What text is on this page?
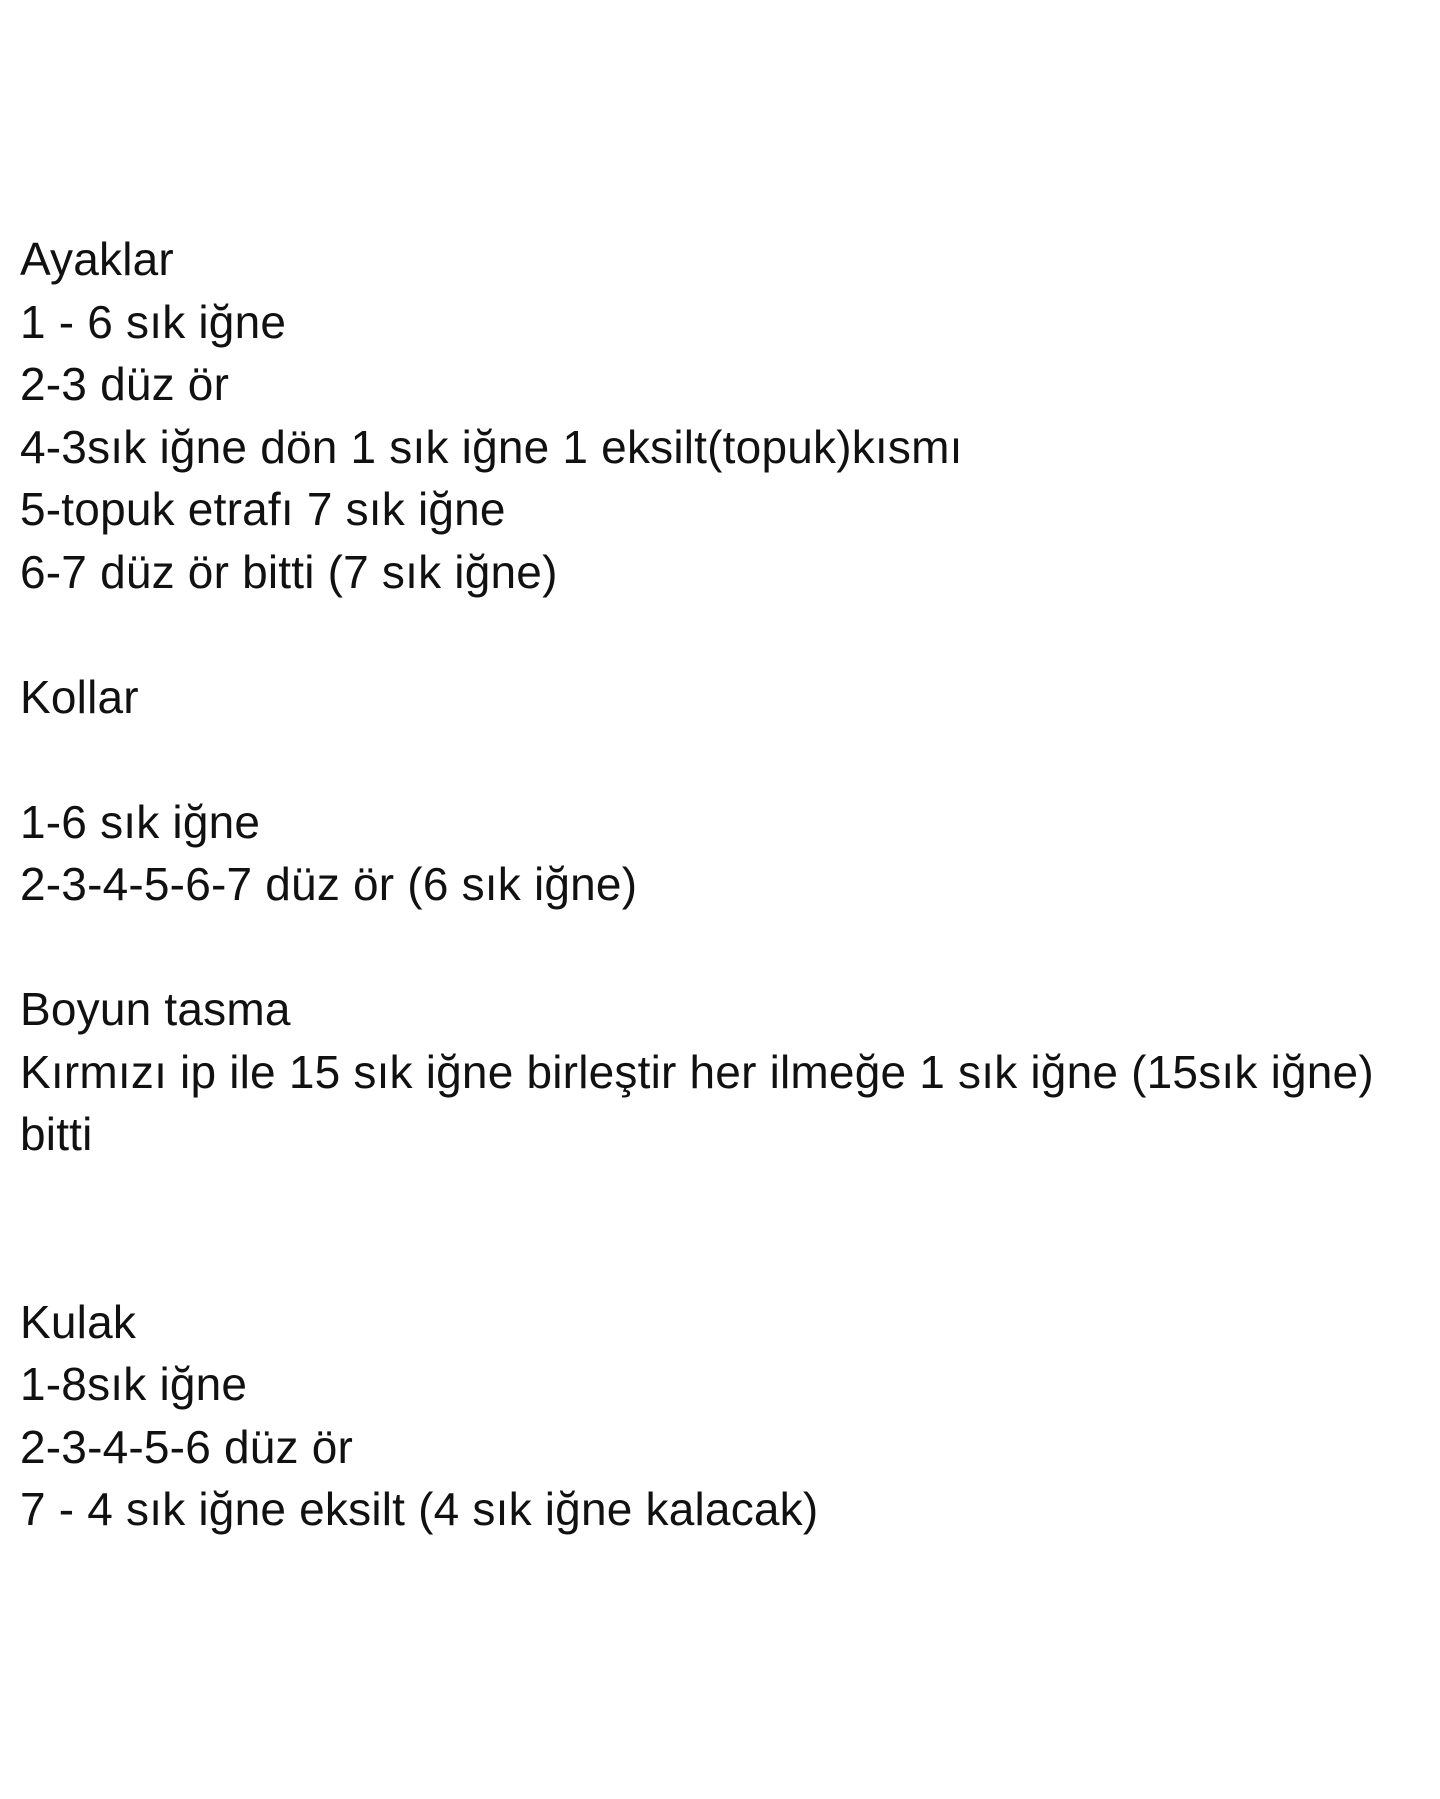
Ayaklar
1 - 6 sık iğne
2-3 düz ör
4-3sık iğne dön 1 sık iğne 1 eksilt(topuk)kısmı
5-topuk etrafı 7 sık iğne
6-7 düz ör bitti (7 sık iğne)
Kollar
1-6 sık iğne
2-3-4-5-6-7 düz ör (6 sık iğne)
Boyun tasma
Kırmızı ip ile 15 sık iğne birleştir her ilmeğe 1 sık iğne (15sık iğne) bitti
Kulak
1-8sık iğne
2-3-4-5-6 düz ör
7 - 4 sık iğne eksilt (4 sık iğne kalacak)
